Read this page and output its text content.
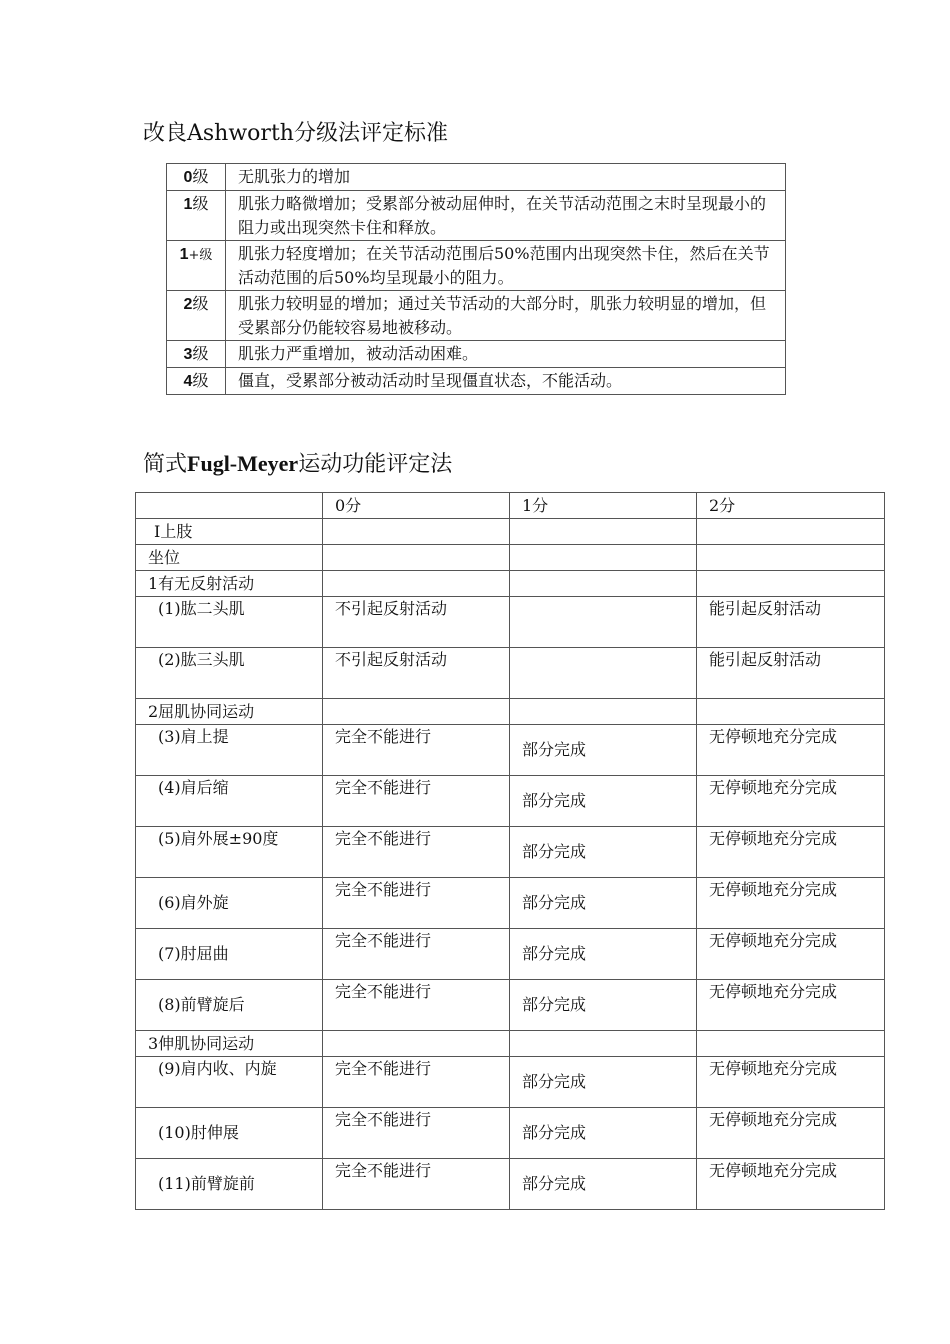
改良Ashworth分级法评定标准
0级	无肌张力的增加
1级	肌张力略微增加；受累部分被动屈伸时，在关节活动范围之末时呈现最小的阻力或出现突然卡住和释放。
1+级	肌张力轻度增加；在关节活动范围后50%范围内出现突然卡住，然后在关节活动范围的后50%均呈现最小的阻力。
2级	肌张力较明显的增加；通过关节活动的大部分时，肌张力较明显的增加，但受累部分仍能较容易地被移动。
3级	肌张力严重增加，被动活动困难。
4级	僵直，受累部分被动活动时呈现僵直状态，不能活动。
简式Fugl-Meyer运动功能评定法
	0分	1分	2分
I上肢			
坐位			
1有无反射活动			
(1)肱二头肌	不引起反射活动		能引起反射活动
(2)肱三头肌	不引起反射活动		能引起反射活动
2屈肌协同运动			
(3)肩上提	完全不能进行	部分完成	无停顿地充分完成
(4)肩后缩	完全不能进行	部分完成	无停顿地充分完成

(5)肩外展±90度	完全不能进行	部分完成	无停顿地充分完成
(6)肩外旋	完全不能进行	部分完成	无停顿地充分完成
(7)肘屈曲	完全不能进行	部分完成	无停顿地充分完成
(8)前臂旋后	完全不能进行	部分完成	无停顿地充分完成
3伸肌协同运动			

(9)肩内收、内旋	完全不能进行	部分完成	无停顿地充分完成
(10)肘伸展	完全不能进行	部分完成	无停顿地充分完成
(11)前臂旋前	完全不能进行	部分完成	无停顿地充分完成
